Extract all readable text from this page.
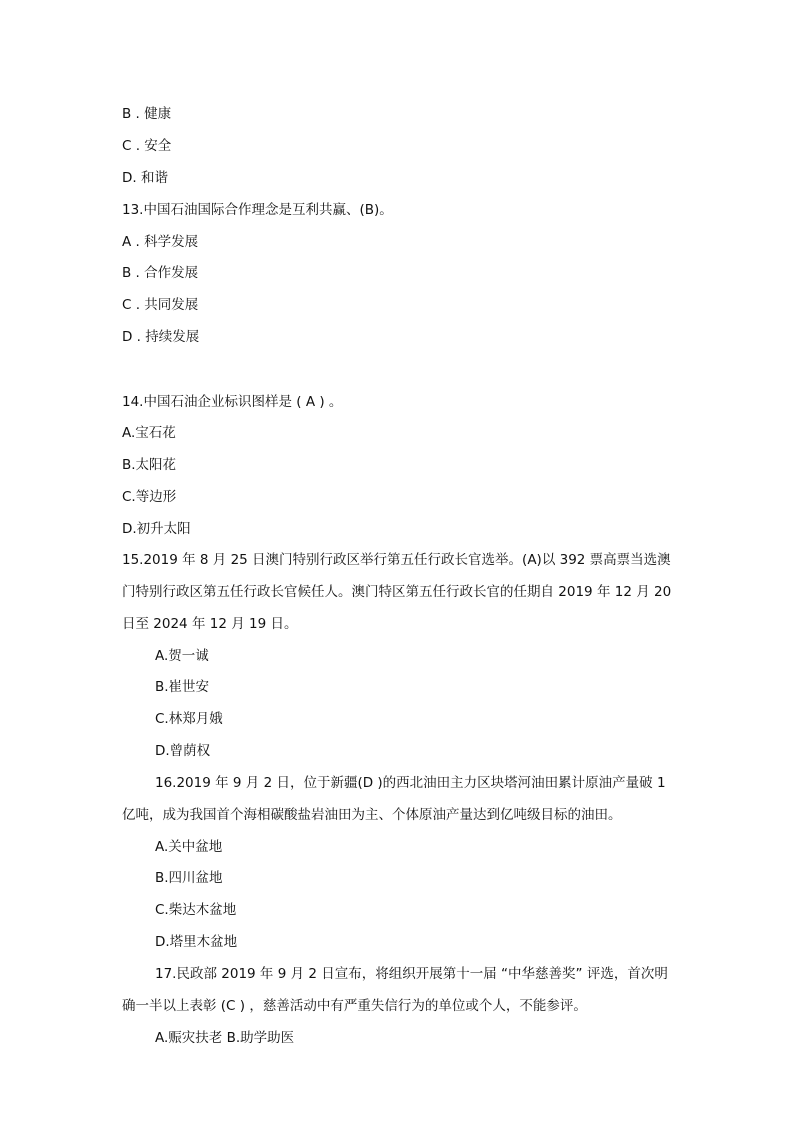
B . 健康
C . 安全
D. 和谐
13.中国石油国际合作理念是互利共赢、(B)。
A . 科学发展
B . 合作发展
C . 共同发展
D . 持续发展
14.中国石油企业标识图样是 ( A ) 。
A.宝石花
B.太阳花
C.等边形
D.初升太阳
15.2019 年 8 月 25 日澳门特别行政区举行第五任行政长官选举。(A)以 392 票高票当选澳
门特别行政区第五任行政长官候任人。澳门特区第五任行政长官的任期自 2019 年 12 月 20
日至 2024 年 12 月 19 日。
A.贺一诚
B.崔世安
C.林郑月娥
D.曾荫权
16.2019 年 9 月 2 日，位于新疆(D )的西北油田主力区块塔河油田累计原油产量破 1
亿吨，成为我国首个海相碳酸盐岩油田为主、个体原油产量达到亿吨级目标的油田。
A.关中盆地
B.四川盆地
C.柴达木盆地
D.塔里木盆地
17.民政部 2019 年 9 月 2 日宣布，将组织开展第十一届 “中华慈善奖” 评选，首次明
确一半以上表彰 (C ) ，慈善活动中有严重失信行为的单位或个人，不能参评。
A.赈灾扶老 B.助学助医
